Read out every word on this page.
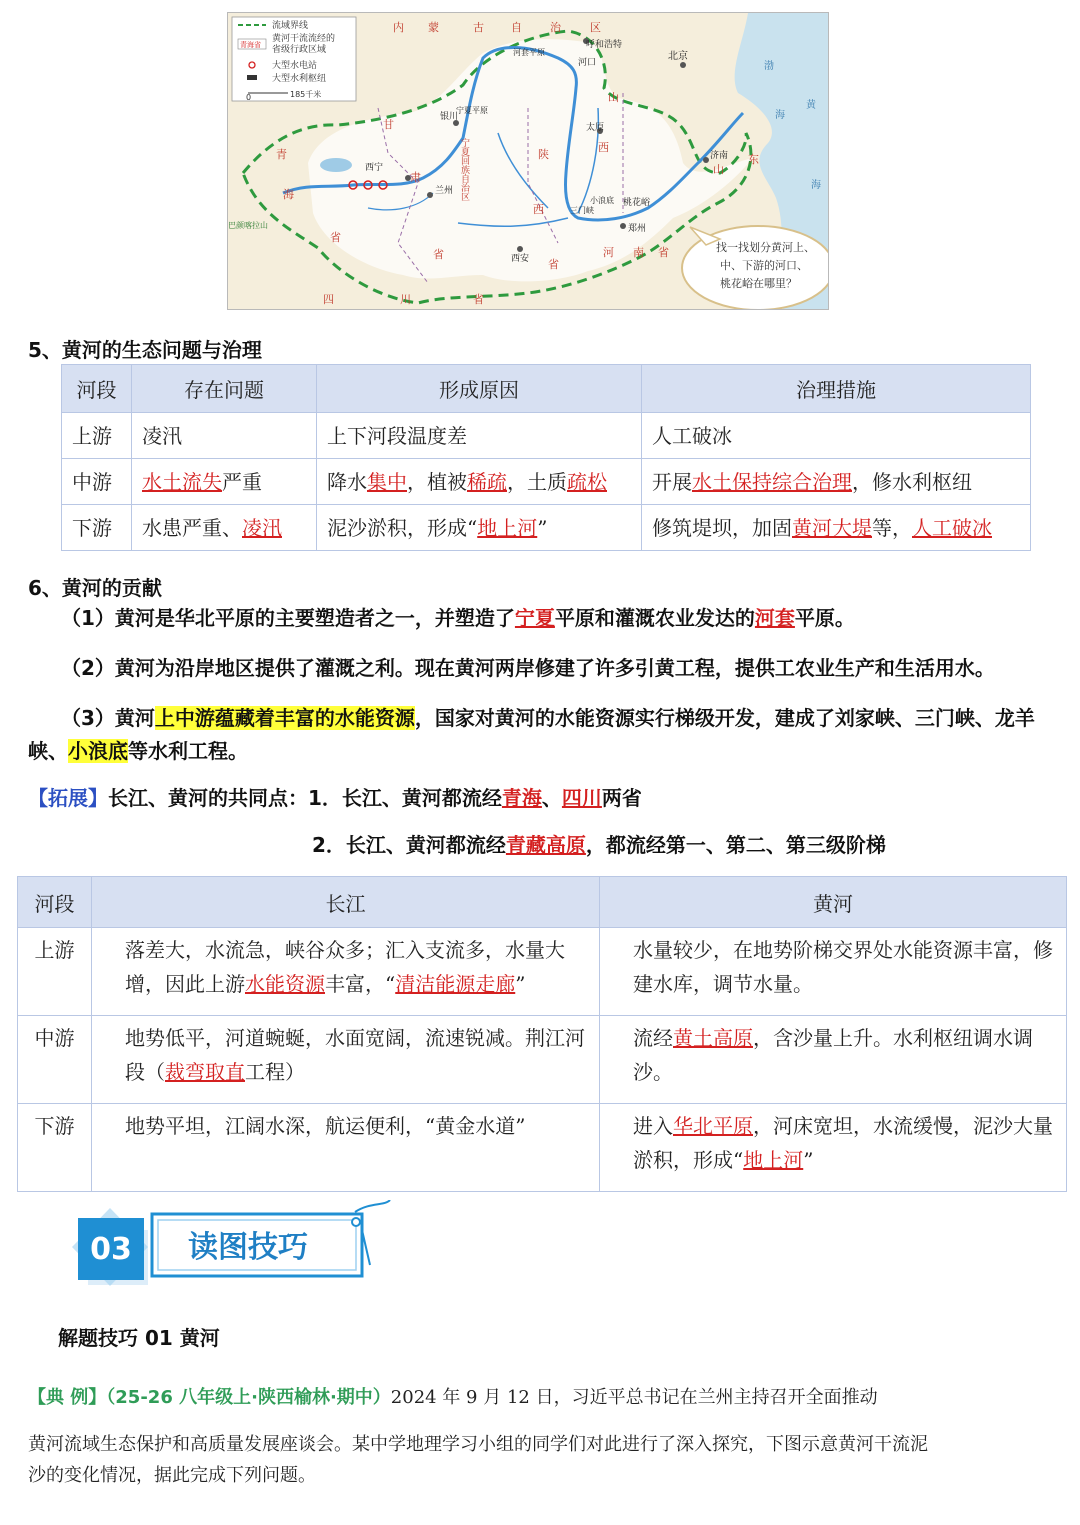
流域界线
黄河干流流经的
省级行政区域
青海省
大型水电站
大型水利枢纽
0	185千米
内 蒙	古 自	治	区
青
海
省
甘
肃
省
陕
西
省
山
西
河 南 省
山
东
四	川	省
渤
海
黄
海
北京
呼和浩特
河口
银川
太原
西宁
兰州
西安
郑州
济南
桃花峪
三门峡
小浪底
河套平原
宁夏平原
巴颜喀拉山
宁夏回族自治区
找一找划分黄河上、
中、下游的河口、
桃花峪在哪里？
5、黄河的生态问题与治理
河段	存在问题	形成原因	治理措施
上游	凌汛	上下河段温度差	人工破冰
中游	水土流失严重	降水集中，植被稀疏，土质疏松	开展水土保持综合治理，修水利枢纽
下游	水患严重、凌汛	泥沙淤积，形成“地上河”	修筑堤坝，加固黄河大堤等，人工破冰
6、黄河的贡献
（1）黄河是华北平原的主要塑造者之一，并塑造了宁夏平原和灌溉农业发达的河套平原。
（2）黄河为沿岸地区提供了灌溉之利。现在黄河两岸修建了许多引黄工程，提供工农业生产和生活用水。
（3）黄河上中游蕴藏着丰富的水能资源，国家对黄河的水能资源实行梯级开发，建成了刘家峡、三门峡、龙羊峡、小浪底等水利工程。
【拓展】长江、黄河的共同点：1．长江、黄河都流经青海、四川两省
2．长江、黄河都流经青藏高原，都流经第一、第二、第三级阶梯
河段	长江	黄河
上游	落差大，水流急，峡谷众多；汇入支流多，水量大增，因此上游水能资源丰富，“清洁能源走廊”	水量较少，在地势阶梯交界处水能资源丰富，修建水库，调节水量。
中游	地势低平，河道蜿蜒，水面宽阔，流速锐减。荆江河段（裁弯取直工程）	流经黄土高原，含沙量上升。水利枢纽调水调沙。
下游	地势平坦，江阔水深，航运便利，“黄金水道”	进入华北平原，河床宽坦，水流缓慢，泥沙大量淤积，形成“地上河”
03 读图技巧
解题技巧 01 黄河
【典 例】（25-26 八年级上·陕西榆林·期中）2024 年 9 月 12 日，习近平总书记在兰州主持召开全面推动
黄河流域生态保护和高质量发展座谈会。某中学地理学习小组的同学们对此进行了深入探究，下图示意黄河干流泥
沙的变化情况，据此完成下列问题。
